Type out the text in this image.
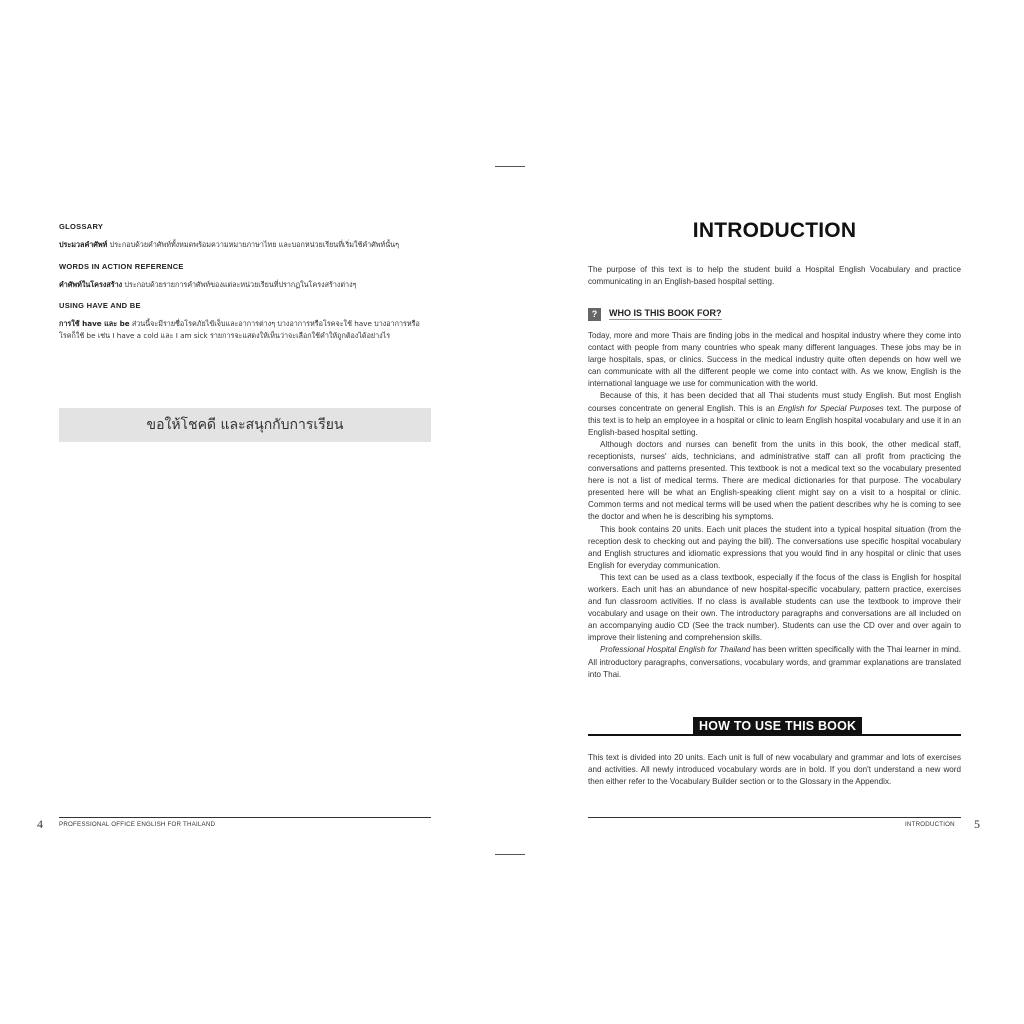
GLOSSARY
ประมวลคำศัพท์ ประกอบด้วยคำศัพท์ทั้งหมดพร้อมความหมายภาษาไทย และบอกหน่วยเรียนที่เริ่มใช้คำศัพท์นั้นๆ
WORDS IN ACTION REFERENCE
คำศัพท์ในโครงสร้าง ประกอบด้วยรายการคำศัพท์ของแต่ละหน่วยเรียนที่ปรากฏในโครงสร้างต่างๆ
USING HAVE AND BE
การใช้ have และ be ส่วนนี้จะมีรายชื่อโรคภัยไข้เจ็บและอาการต่างๆ บางอาการหรือโรคจะใช้ have บางอาการหรือโรคก็ใช้ be เช่น I have a cold และ I am sick รายการจะแสดงให้เห็นว่าจะเลือกใช้คำให้ถูกต้องได้อย่างไร
ขอให้โชคดี และสนุกกับการเรียน
INTRODUCTION
The purpose of this text is to help the student build a Hospital English Vocabulary and practice communicating in an English-based hospital setting.
?	WHO IS THIS BOOK FOR?

Today, more and more Thais are finding jobs in the medical and hospital industry where they come into contact with people from many countries who speak many different languages. These jobs may be in large hospitals, spas, or clinics. Success in the medical industry quite often depends on how well we can communicate with all the different people we come into contact with. As we know, English is the international language we use for communication with the world.

Because of this, it has been decided that all Thai students must study English. But most English courses concentrate on general English. This is an English for Special Purposes text. The purpose of this text is to help an employee in a hospital or clinic to learn English hospital vocabulary and use it in an English-based hospital setting.

Although doctors and nurses can benefit from the units in this book, the other medical staff, receptionists, nurses' aids, technicians, and administrative staff can all profit from practicing the conversations and patterns presented. This textbook is not a medical text so the vocabulary presented here is not a list of medical terms. There are medical dictionaries for that purpose. The vocabulary presented here will be what an English-speaking client might say on a visit to a hospital or clinic. Common terms and not medical terms will be used when the patient describes why he is coming to see the doctor and when he is describing his symptoms.

This book contains 20 units. Each unit places the student into a typical hospital situation (from the reception desk to checking out and paying the bill). The conversations use specific hospital vocabulary and English structures and idiomatic expressions that you would find in any hospital or clinic that uses English for everyday communication.

This text can be used as a class textbook, especially if the focus of the class is English for hospital workers. Each unit has an abundance of new hospital-specific vocabulary, pattern practice, exercises and fun classroom activities. If no class is available students can use the textbook to improve their vocabulary and usage on their own. The introductory paragraphs and conversations are all included on an accompanying audio CD (See the track number). Students can use the CD over and over again to improve their listening and comprehension skills.

Professional Hospital English for Thailand has been written specifically with the Thai learner in mind. All introductory paragraphs, conversations, vocabulary words, and grammar explanations are translated into Thai.

HOW TO USE THIS BOOK
This text is divided into 20 units. Each unit is full of new vocabulary and grammar and lots of exercises and activities. All newly introduced vocabulary words are in bold. If you don't understand a new word then either refer to the Vocabulary Builder section or to the Glossary in the Appendix.
4	PROFESSIONAL OFFICE ENGLISH FOR THAILAND	INTRODUCTION 5
